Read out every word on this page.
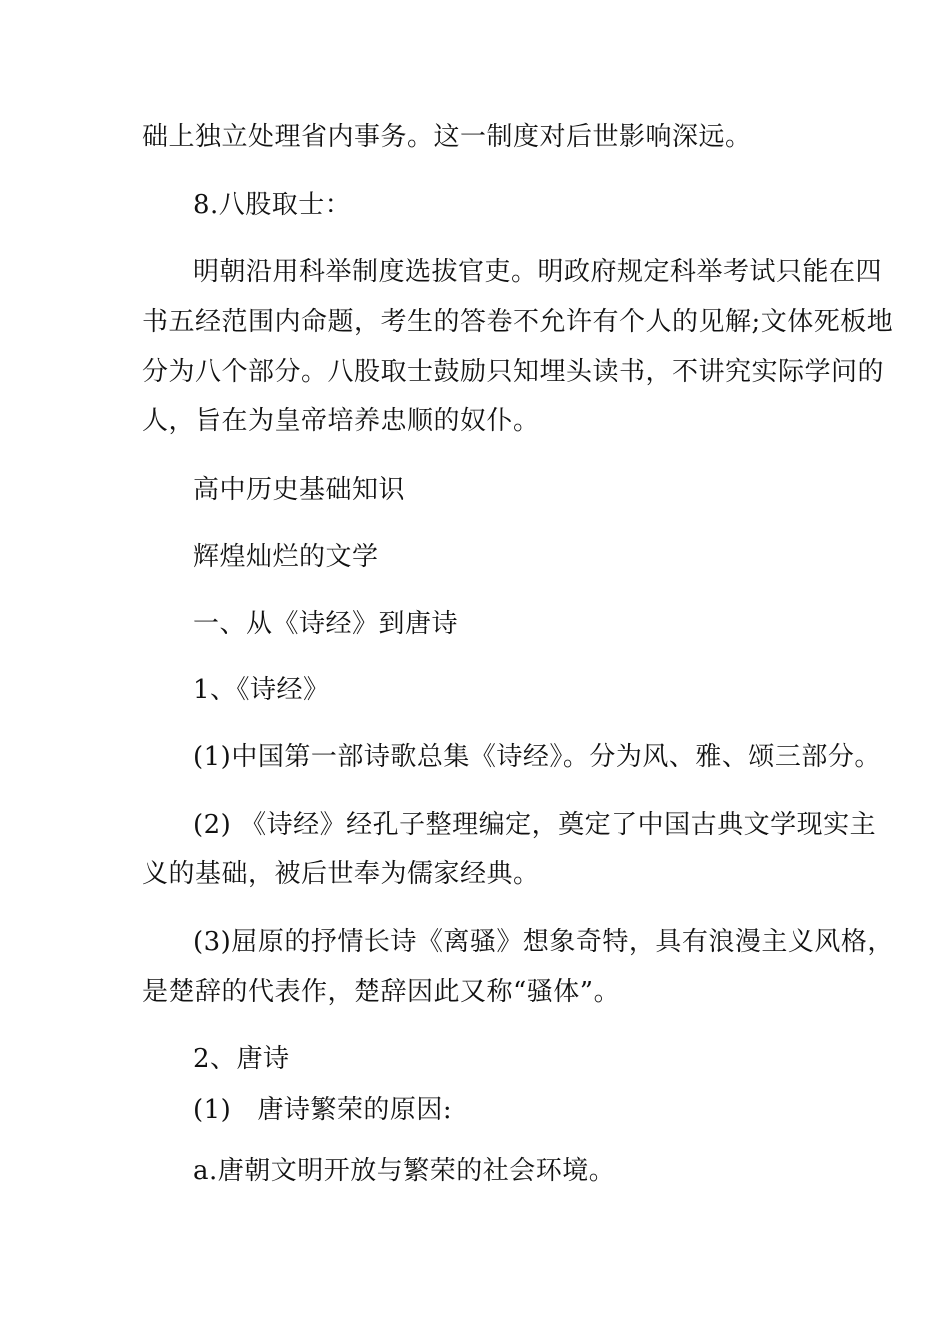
础上独立处理省内事务。这一制度对后世影响深远。
8.八股取士：
明朝沿用科举制度选拔官吏。明政府规定科举考试只能在四
书五经范围内命题，考生的答卷不允许有个人的见解;文体死板地
分为八个部分。八股取士鼓励只知埋头读书，不讲究实际学问的
人，旨在为皇帝培养忠顺的奴仆。
高中历史基础知识
辉煌灿烂的文学
一、从《诗经》到唐诗
1、《诗经》
(1)中国第一部诗歌总集《诗经》。分为风、雅、颂三部分。
(2) 《诗经》经孔子整理编定，奠定了中国古典文学现实主
义的基础，被后世奉为儒家经典。
(3)屈原的抒情长诗《离骚》想象奇特，具有浪漫主义风格，
是楚辞的代表作，楚辞因此又称“骚体”。
2、唐诗
(1) 唐诗繁荣的原因:
a.唐朝文明开放与繁荣的社会环境。
